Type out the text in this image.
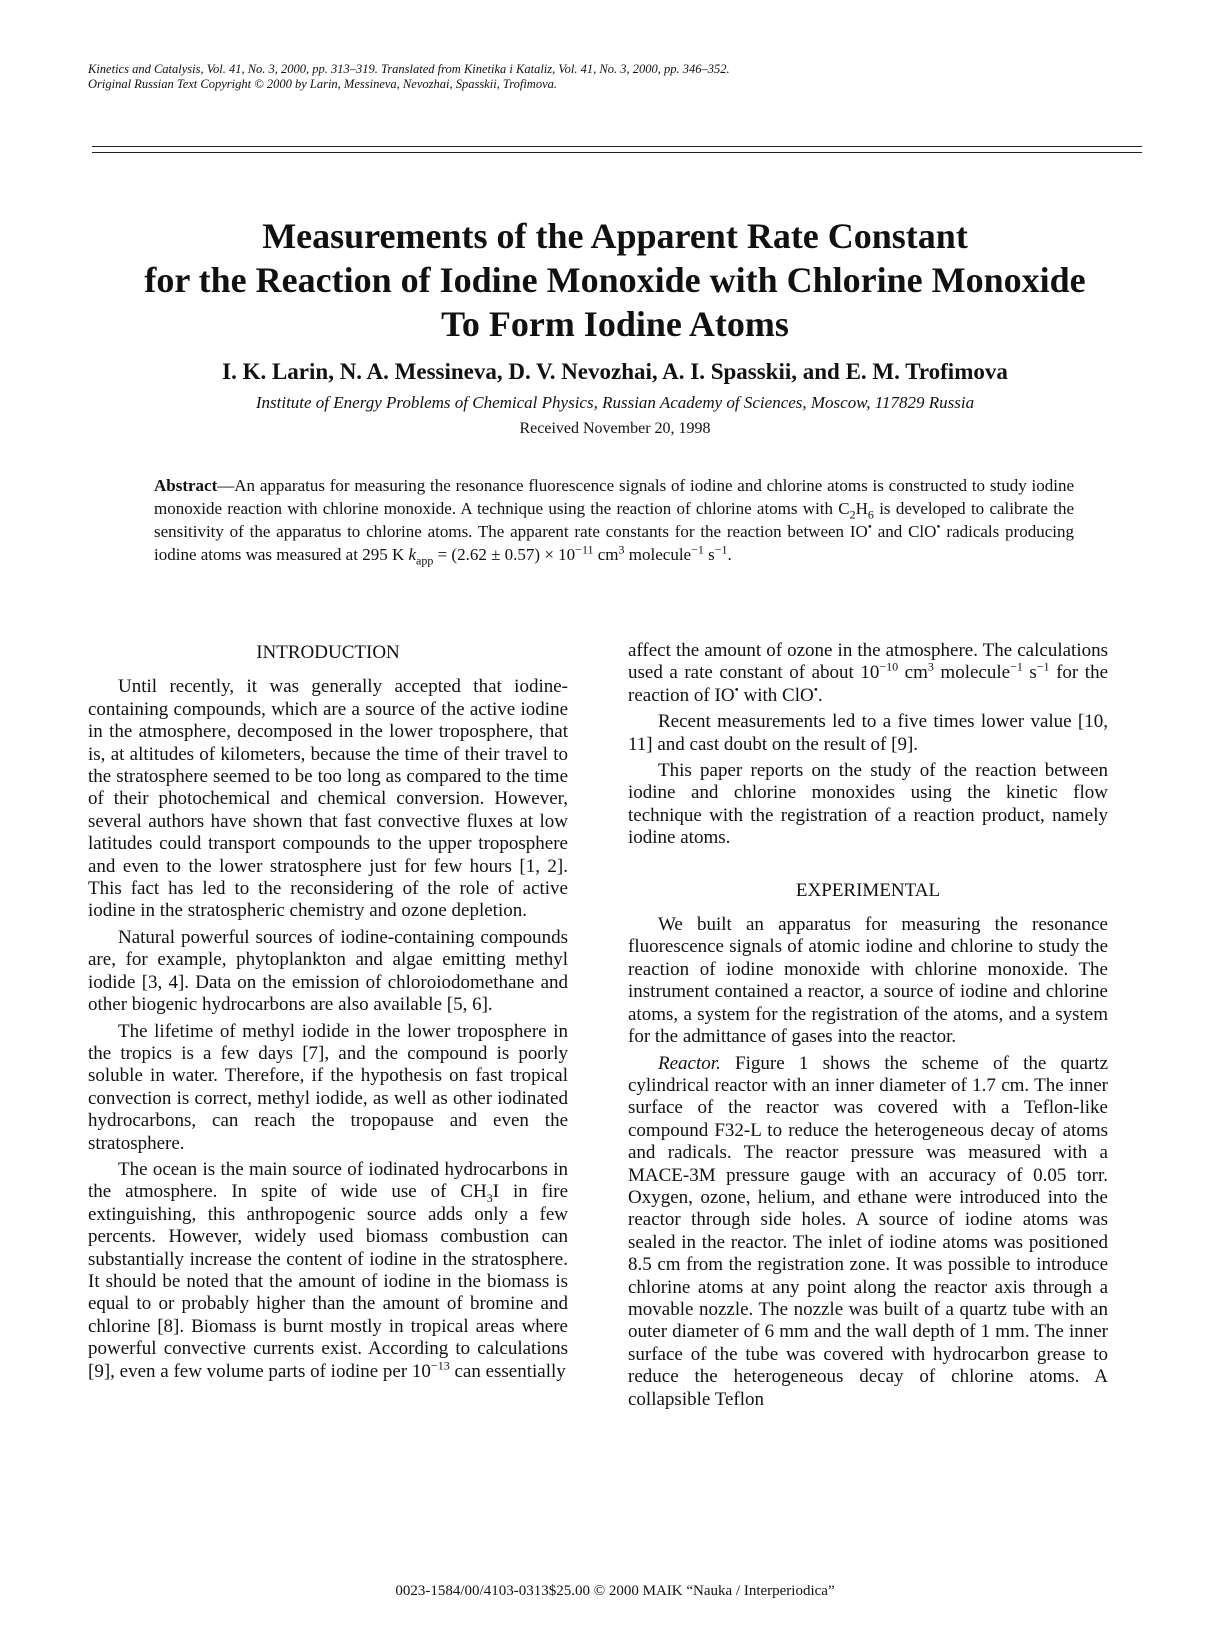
Kinetics and Catalysis, Vol. 41, No. 3, 2000, pp. 313–319. Translated from Kinetika i Kataliz, Vol. 41, No. 3, 2000, pp. 346–352.
Original Russian Text Copyright © 2000 by Larin, Messineva, Nevozhai, Spasskii, Trofimova.
Measurements of the Apparent Rate Constant
for the Reaction of Iodine Monoxide with Chlorine Monoxide
To Form Iodine Atoms
I. K. Larin, N. A. Messineva, D. V. Nevozhai, A. I. Spasskii, and E. M. Trofimova
Institute of Energy Problems of Chemical Physics, Russian Academy of Sciences, Moscow, 117829 Russia
Received November 20, 1998
Abstract—An apparatus for measuring the resonance fluorescence signals of iodine and chlorine atoms is constructed to study iodine monoxide reaction with chlorine monoxide. A technique using the reaction of chlorine atoms with $C_2H_6$ is developed to calibrate the sensitivity of the apparatus to chlorine atoms. The apparent rate constants for the reaction between IO• and ClO• radicals producing iodine atoms was measured at 295 K $k_{app} = (2.62 \pm 0.57) \times 10^{-11}$ $cm^3$ molecule$^{-1}$ $s^{-1}$.
INTRODUCTION

Until recently, it was generally accepted that iodine-containing compounds, which are a source of the active iodine in the atmosphere, decomposed in the lower troposphere, that is, at altitudes of kilometers, because the time of their travel to the stratosphere seemed to be too long as compared to the time of their photochemical and chemical conversion. However, several authors have shown that fast convective fluxes at low latitudes could transport compounds to the upper troposphere and even to the lower stratosphere just for few hours [1, 2]. This fact has led to the reconsidering of the role of active iodine in the stratospheric chemistry and ozone depletion.

Natural powerful sources of iodine-containing compounds are, for example, phytoplankton and algae emitting methyl iodide [3, 4]. Data on the emission of chloroiodomethane and other biogenic hydrocarbons are also available [5, 6].

The lifetime of methyl iodide in the lower troposphere in the tropics is a few days [7], and the compound is poorly soluble in water. Therefore, if the hypothesis on fast tropical convection is correct, methyl iodide, as well as other iodinated hydrocarbons, can reach the tropopause and even the stratosphere.

The ocean is the main source of iodinated hydrocarbons in the atmosphere. In spite of wide use of $CH_3I$ in fire extinguishing, this anthropogenic source adds only a few percents. However, widely used biomass combustion can substantially increase the content of iodine in the stratosphere. It should be noted that the amount of iodine in the biomass is equal to or probably higher than the amount of bromine and chlorine [8]. Biomass is burnt mostly in tropical areas where powerful convective currents exist. According to calculations [9], even a few volume parts of iodine per $10^{-13}$ can essentially

affect the amount of ozone in the atmosphere. The calculations used a rate constant of about $10^{-10}$ $cm^3$ molecule$^{-1}$ $s^{-1}$ for the reaction of IO• with ClO•.

Recent measurements led to a five times lower value [10, 11] and cast doubt on the result of [9].

This paper reports on the study of the reaction between iodine and chlorine monoxides using the kinetic flow technique with the registration of a reaction product, namely iodine atoms.

EXPERIMENTAL

We built an apparatus for measuring the resonance fluorescence signals of atomic iodine and chlorine to study the reaction of iodine monoxide with chlorine monoxide. The instrument contained a reactor, a source of iodine and chlorine atoms, a system for the registration of the atoms, and a system for the admittance of gases into the reactor.

Reactor. Figure 1 shows the scheme of the quartz cylindrical reactor with an inner diameter of 1.7 cm. The inner surface of the reactor was covered with a Teflon-like compound F32-L to reduce the heterogeneous decay of atoms and radicals. The reactor pressure was measured with a MACE-3M pressure gauge with an accuracy of 0.05 torr. Oxygen, ozone, helium, and ethane were introduced into the reactor through side holes. A source of iodine atoms was sealed in the reactor. The inlet of iodine atoms was positioned 8.5 cm from the registration zone. It was possible to introduce chlorine atoms at any point along the reactor axis through a movable nozzle. The nozzle was built of a quartz tube with an outer diameter of 6 mm and the wall depth of 1 mm. The inner surface of the tube was covered with hydrocarbon grease to reduce the heterogeneous decay of chlorine atoms. A collapsible Teflon

0023-1584/00/4103-0313$25.00 © 2000 MAIK “Nauka / Interperiodica”
